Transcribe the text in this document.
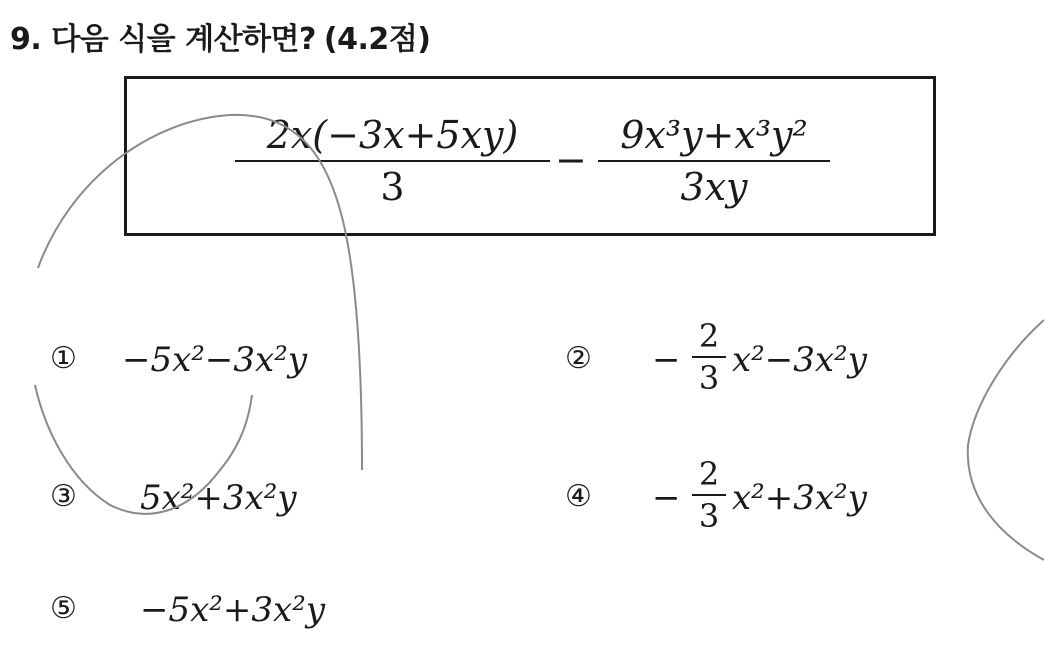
9. 다음 식을 계산하면? (4.2점)
2x(−3x+5xy)
3
−
9x³y+x³y²
3xy
① −5x²−3x²y	② −
2
3 x²−3x²y
③ 5x²+3x²y	④ −
2
3 x²+3x²y
⑤ −5x²+3x²y
